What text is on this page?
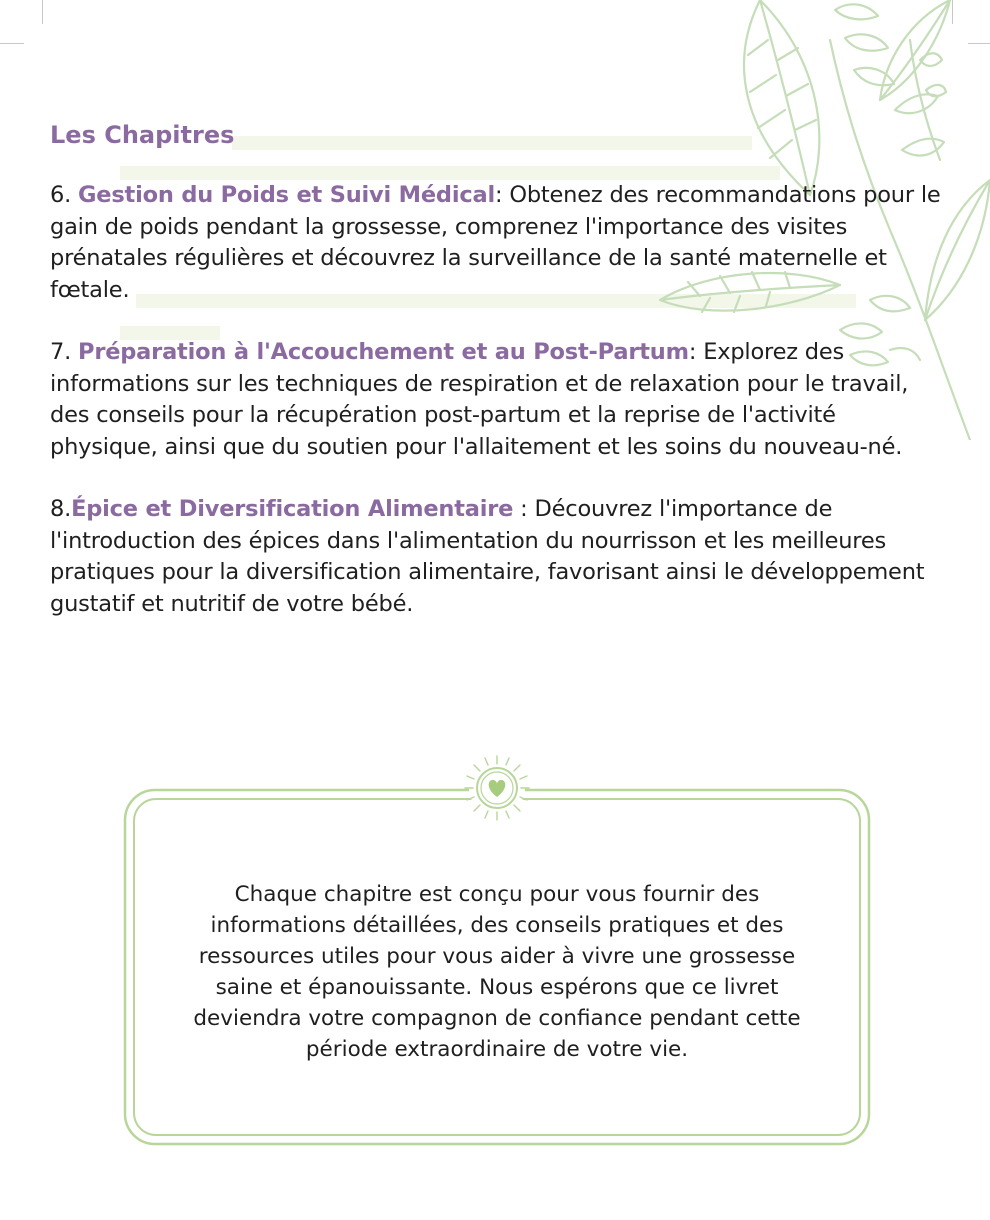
Les Chapitres

6. Gestion du Poids et Suivi Médical: Obtenez des recommandations pour le gain de poids pendant la grossesse, comprenez l'importance des visites prénatales régulières et découvrez la surveillance de la santé maternelle et fœtale.

7. Préparation à l'Accouchement et au Post-Partum: Explorez des informations sur les techniques de respiration et de relaxation pour le travail, des conseils pour la récupération post-partum et la reprise de l'activité physique, ainsi que du soutien pour l'allaitement et les soins du nouveau-né.

8.Épice et Diversification Alimentaire : Découvrez l'importance de l'introduction des épices dans l'alimentation du nourrisson et les meilleures pratiques pour la diversification alimentaire, favorisant ainsi le développement gustatif et nutritif de votre bébé.

Chaque chapitre est conçu pour vous fournir des informations détaillées, des conseils pratiques et des ressources utiles pour vous aider à vivre une grossesse saine et épanouissante. Nous espérons que ce livret deviendra votre compagnon de confiance pendant cette période extraordinaire de votre vie.
